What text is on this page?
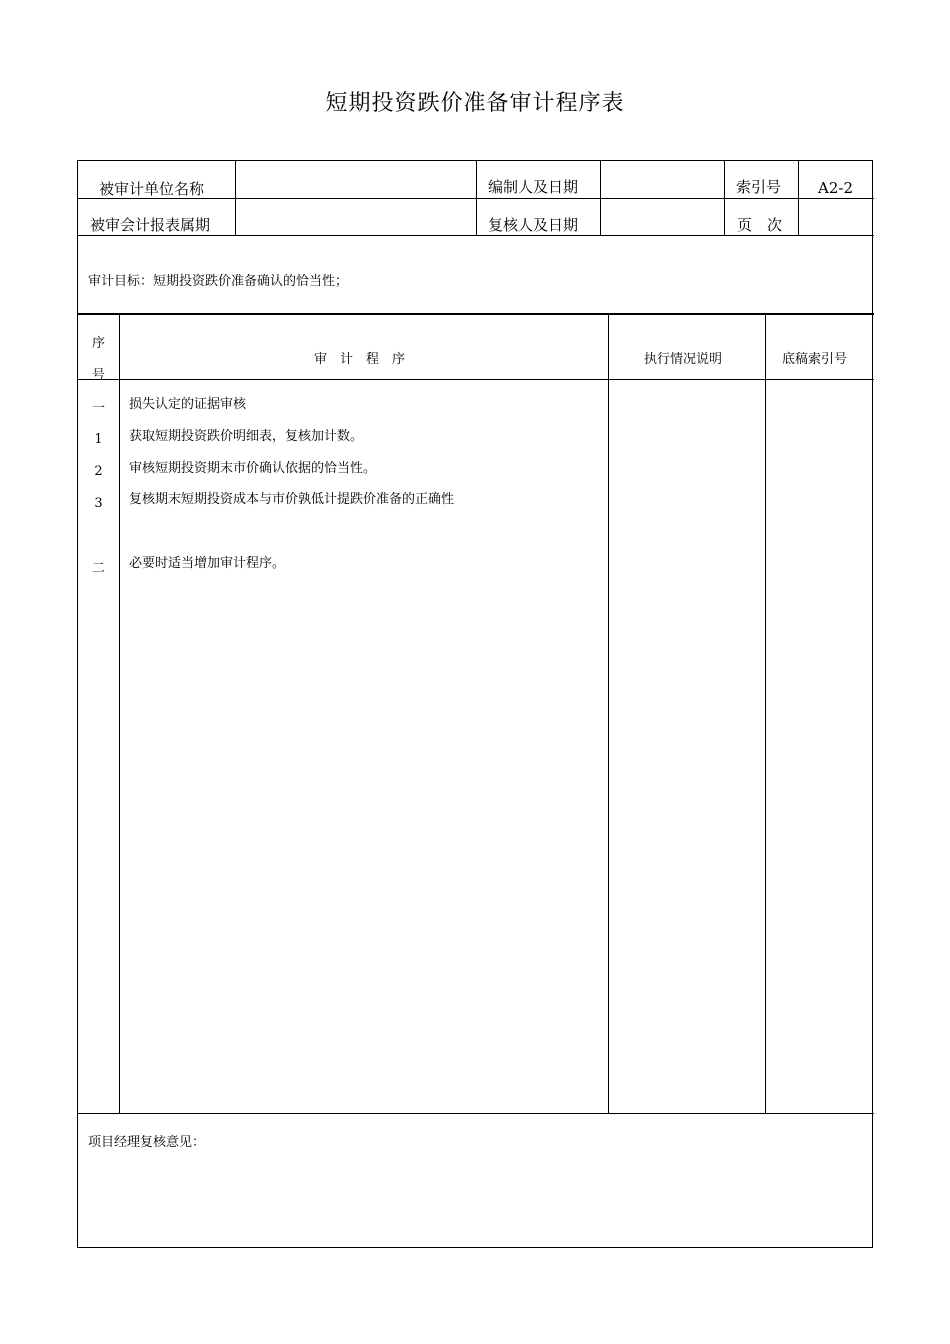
短期投资跌价准备审计程序表
被审计单位名称	编制人及日期	索引号 A2-2
被审会计报表属期	复核人及日期	页　次
审计目标：短期投资跌价准备确认的恰当性；
序
号
审　计　程　序	执行情况说明	底稿索引号
一	损失认定的证据审核
1	获取短期投资跌价明细表，复核加计数。
2	审核短期投资期末市价确认依据的恰当性。
3	复核期末短期投资成本与市价孰低计提跌价准备的正确性
二	必要时适当增加审计程序。
项目经理复核意见：
